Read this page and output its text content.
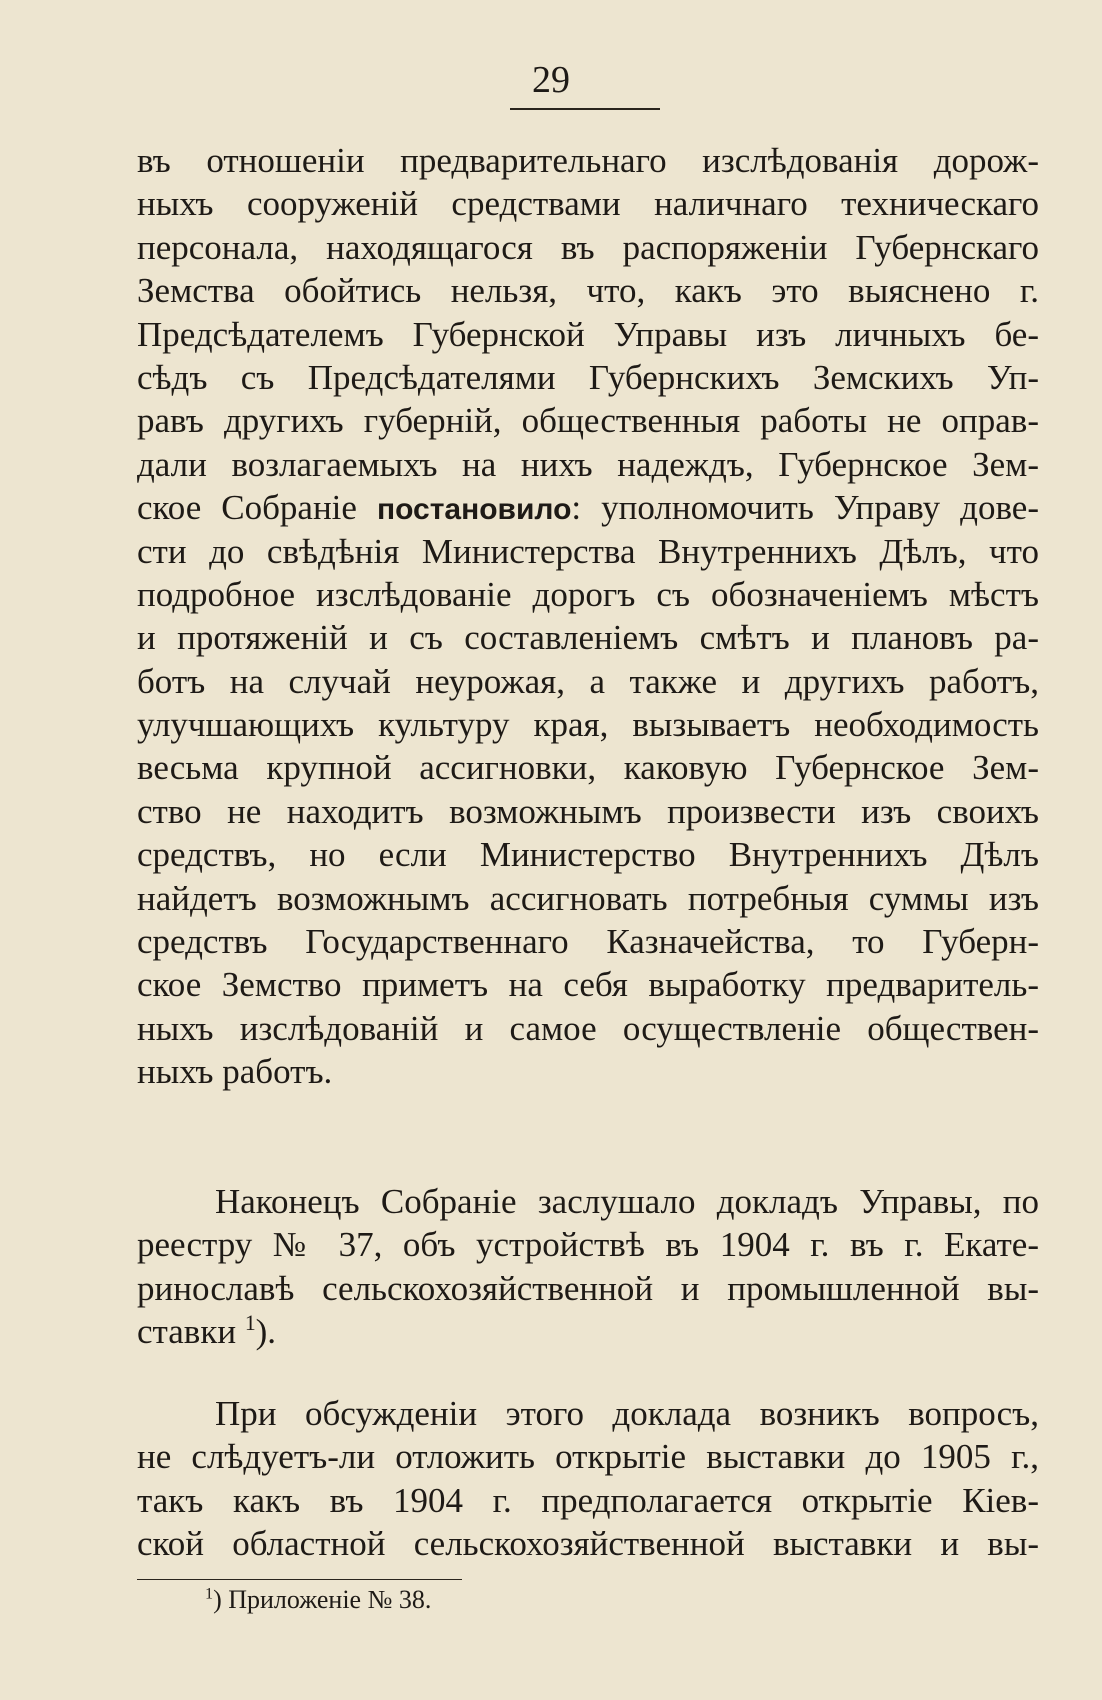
29
въ отношеніи предварительнаго изслѣдованія дорож-
ныхъ сооруженій средствами наличнаго техническаго
персонала, находящагося въ распоряженіи Губернскаго
Земства обойтись нельзя, что, какъ это выяснено г.
Предсѣдателемъ Губернской Управы изъ личныхъ бе-
сѣдъ съ Предсѣдателями Губернскихъ Земскихъ Уп-
равъ другихъ губерній, общественныя работы не оправ-
дали возлагаемыхъ на нихъ надеждъ, Губернское Зем-
ское Собраніе постановило: уполномочить Управу дове-
сти до свѣдѣнія Министерства Внутреннихъ Дѣлъ, что
подробное изслѣдованіе дорогъ съ обозначеніемъ мѣстъ
и протяженій и съ составленіемъ смѣтъ и плановъ ра-
ботъ на случай неурожая, а также и другихъ работъ,
улучшающихъ культуру края, вызываетъ необходимость
весьма крупной ассигновки, каковую Губернское Зем-
ство не находитъ возможнымъ произвести изъ своихъ
средствъ, но если Министерство Внутреннихъ Дѣлъ
найдетъ возможнымъ ассигновать потребныя суммы изъ
средствъ Государственнаго Казначейства, то Губерн-
ское Земство приметъ на себя выработку предваритель-
ныхъ изслѣдованій и самое осуществленіе обществен-
ныхъ работъ.
Наконецъ Собраніе заслушало докладъ Управы, по
реестру № 37, объ устройствѣ въ 1904 г. въ г. Екате-
ринославѣ сельскохозяйственной и промышленной вы-
ставки $^1$).
При обсужденіи этого доклада возникъ вопросъ,
не слѣдуетъ-ли отложить открытіе выставки до 1905 г.,
такъ какъ въ 1904 г. предполагается открытіе Кіев-
ской областной сельскохозяйственной выставки и вы-
$^1$) Приложеніе № 38.
